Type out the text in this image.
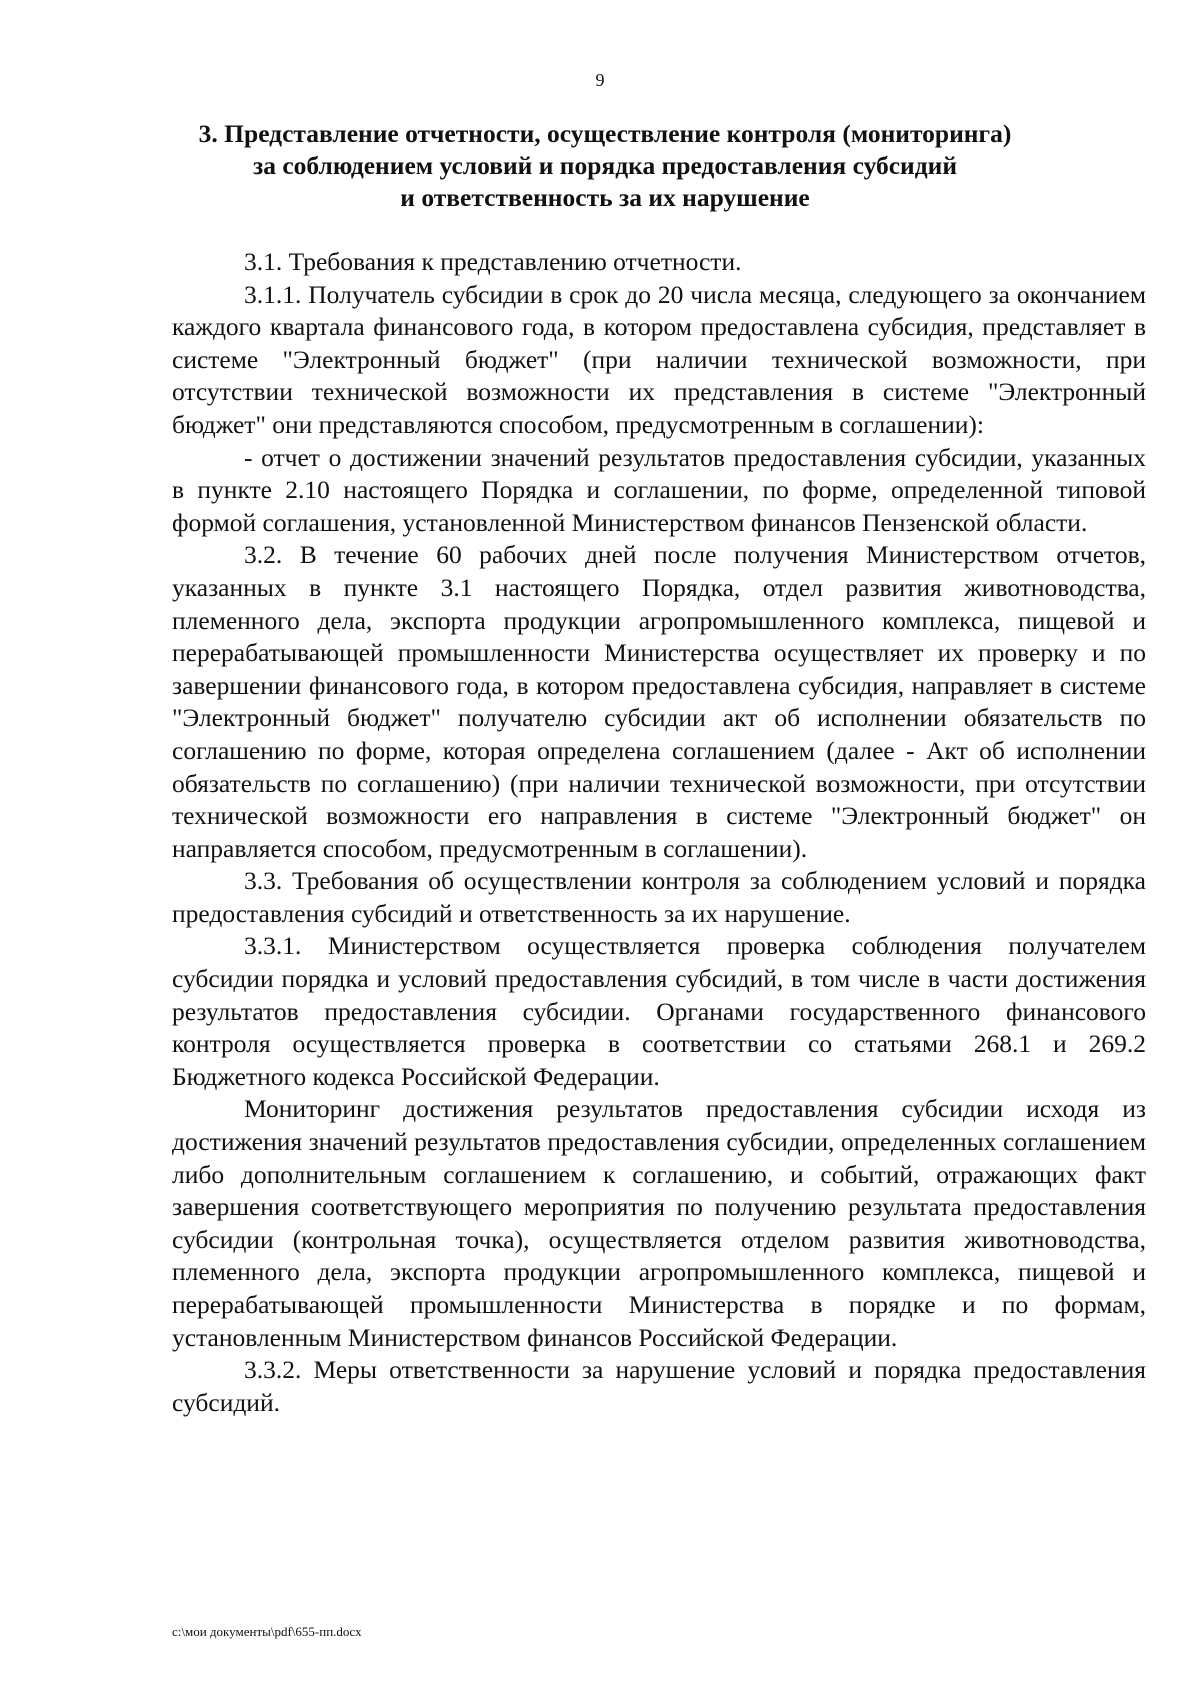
9
3. Представление отчетности, осуществление контроля (мониторинга)
за соблюдением условий и порядка предоставления субсидий
и ответственность за их нарушение

3.1. Требования к представлению отчетности.

3.1.1. Получатель субсидии в срок до 20 числа месяца, следующего за окончанием каждого квартала финансового года, в котором предоставлена субсидия, представляет в системе "Электронный бюджет" (при наличии технической возможности, при отсутствии технической возможности их представления в системе "Электронный бюджет" они представляются способом, предусмотренным в соглашении):

- отчет о достижении значений результатов предоставления субсидии, указанных в пункте 2.10 настоящего Порядка и соглашении, по форме, определенной типовой формой соглашения, установленной Министерством финансов Пензенской области.

3.2. В течение 60 рабочих дней после получения Министерством отчетов, указанных в пункте 3.1 настоящего Порядка, отдел развития животноводства, племенного дела, экспорта продукции агропромышленного комплекса, пищевой и перерабатывающей промышленности Министерства осуществляет их проверку и по завершении финансового года, в котором предоставлена субсидия, направляет в системе "Электронный бюджет" получателю субсидии акт об исполнении обязательств по соглашению по форме, которая определена соглашением (далее - Акт об исполнении обязательств по соглашению) (при наличии технической возможности, при отсутствии технической возможности его направления в системе "Электронный бюджет" он направляется способом, предусмотренным в соглашении).

3.3. Требования об осуществлении контроля за соблюдением условий и порядка предоставления субсидий и ответственность за их нарушение.

3.3.1. Министерством осуществляется проверка соблюдения получателем субсидии порядка и условий предоставления субсидий, в том числе в части достижения результатов предоставления субсидии. Органами государственного финансового контроля осуществляется проверка в соответствии со статьями 268.1 и 269.2 Бюджетного кодекса Российской Федерации.

Мониторинг достижения результатов предоставления субсидии исходя из достижения значений результатов предоставления субсидии, определенных соглашением либо дополнительным соглашением к соглашению, и событий, отражающих факт завершения соответствующего мероприятия по получению результата предоставления субсидии (контрольная точка), осуществляется отделом развития животноводства, племенного дела, экспорта продукции агропромышленного комплекса, пищевой и перерабатывающей промышленности Министерства в порядке и по формам, установленным Министерством финансов Российской Федерации.

3.3.2. Меры ответственности за нарушение условий и порядка предоставления субсидий.

c:\мои документы\pdf\655-пп.docx
